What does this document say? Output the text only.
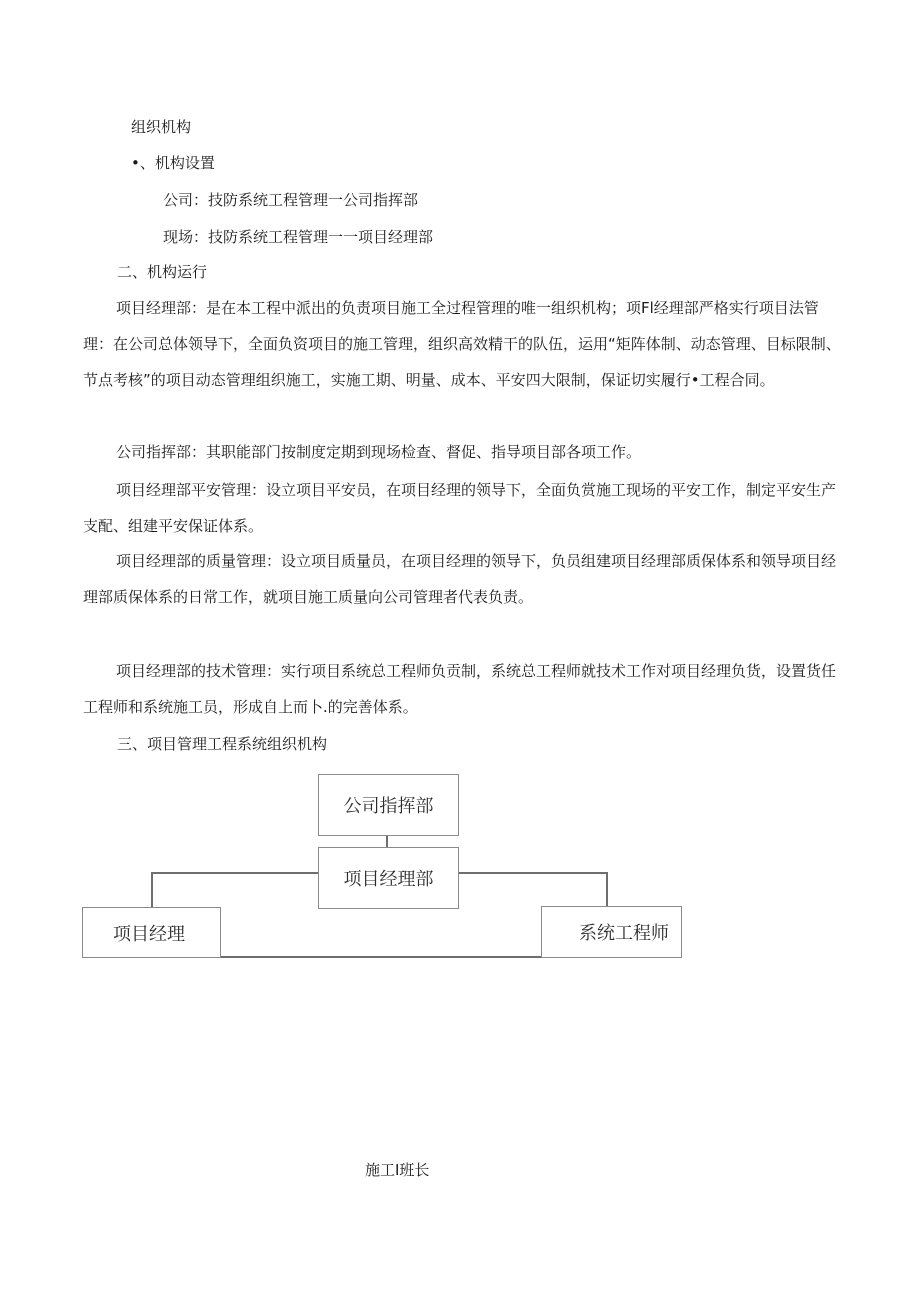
组织机构
•、机构设置
公司：技防系统工程管理一公司指挥部
现场：技防系统工程管理一一项目经理部
二、机构运行
项目经理部：是在本工程中派出的负责项目施工全过程管理的唯一组织机构；项Fl经理部严格实行项目法管理：在公司总体领导下，全面负资项目的施工管理，组织高效精干的队伍，运用“矩阵体制、动态管理、目标限制、节点考核”的项目动态管理组织施工，实施工期、明量、成本、平安四大限制，保证切实履行•工程合同。
公司指挥部：其职能部门按制度定期到现场检查、督促、指导项目部各项工作。
项目经理部平安管理：设立项目平安员，在项目经理的领导下，全面负赏施工现场的平安工作，制定平安生产支配、组建平安保证体系。
项目经理部的质量管理：设立项目质量员，在项目经理的领导下，负员组建项目经理部质保体系和领导项目经理部质保体系的日常工作，就项目施工质量向公司管理者代表负责。
项目经理部的技术管理：实行项目系统总工程师负贡制，系统总工程师就技术工作对项目经理负货，设置货任工程师和系统施工员，形成自上而卜.的完善体系。
三、项目管理工程系统组织机构
公司指挥部
项目经理部
项目经理	系统工程师
施工I班长
